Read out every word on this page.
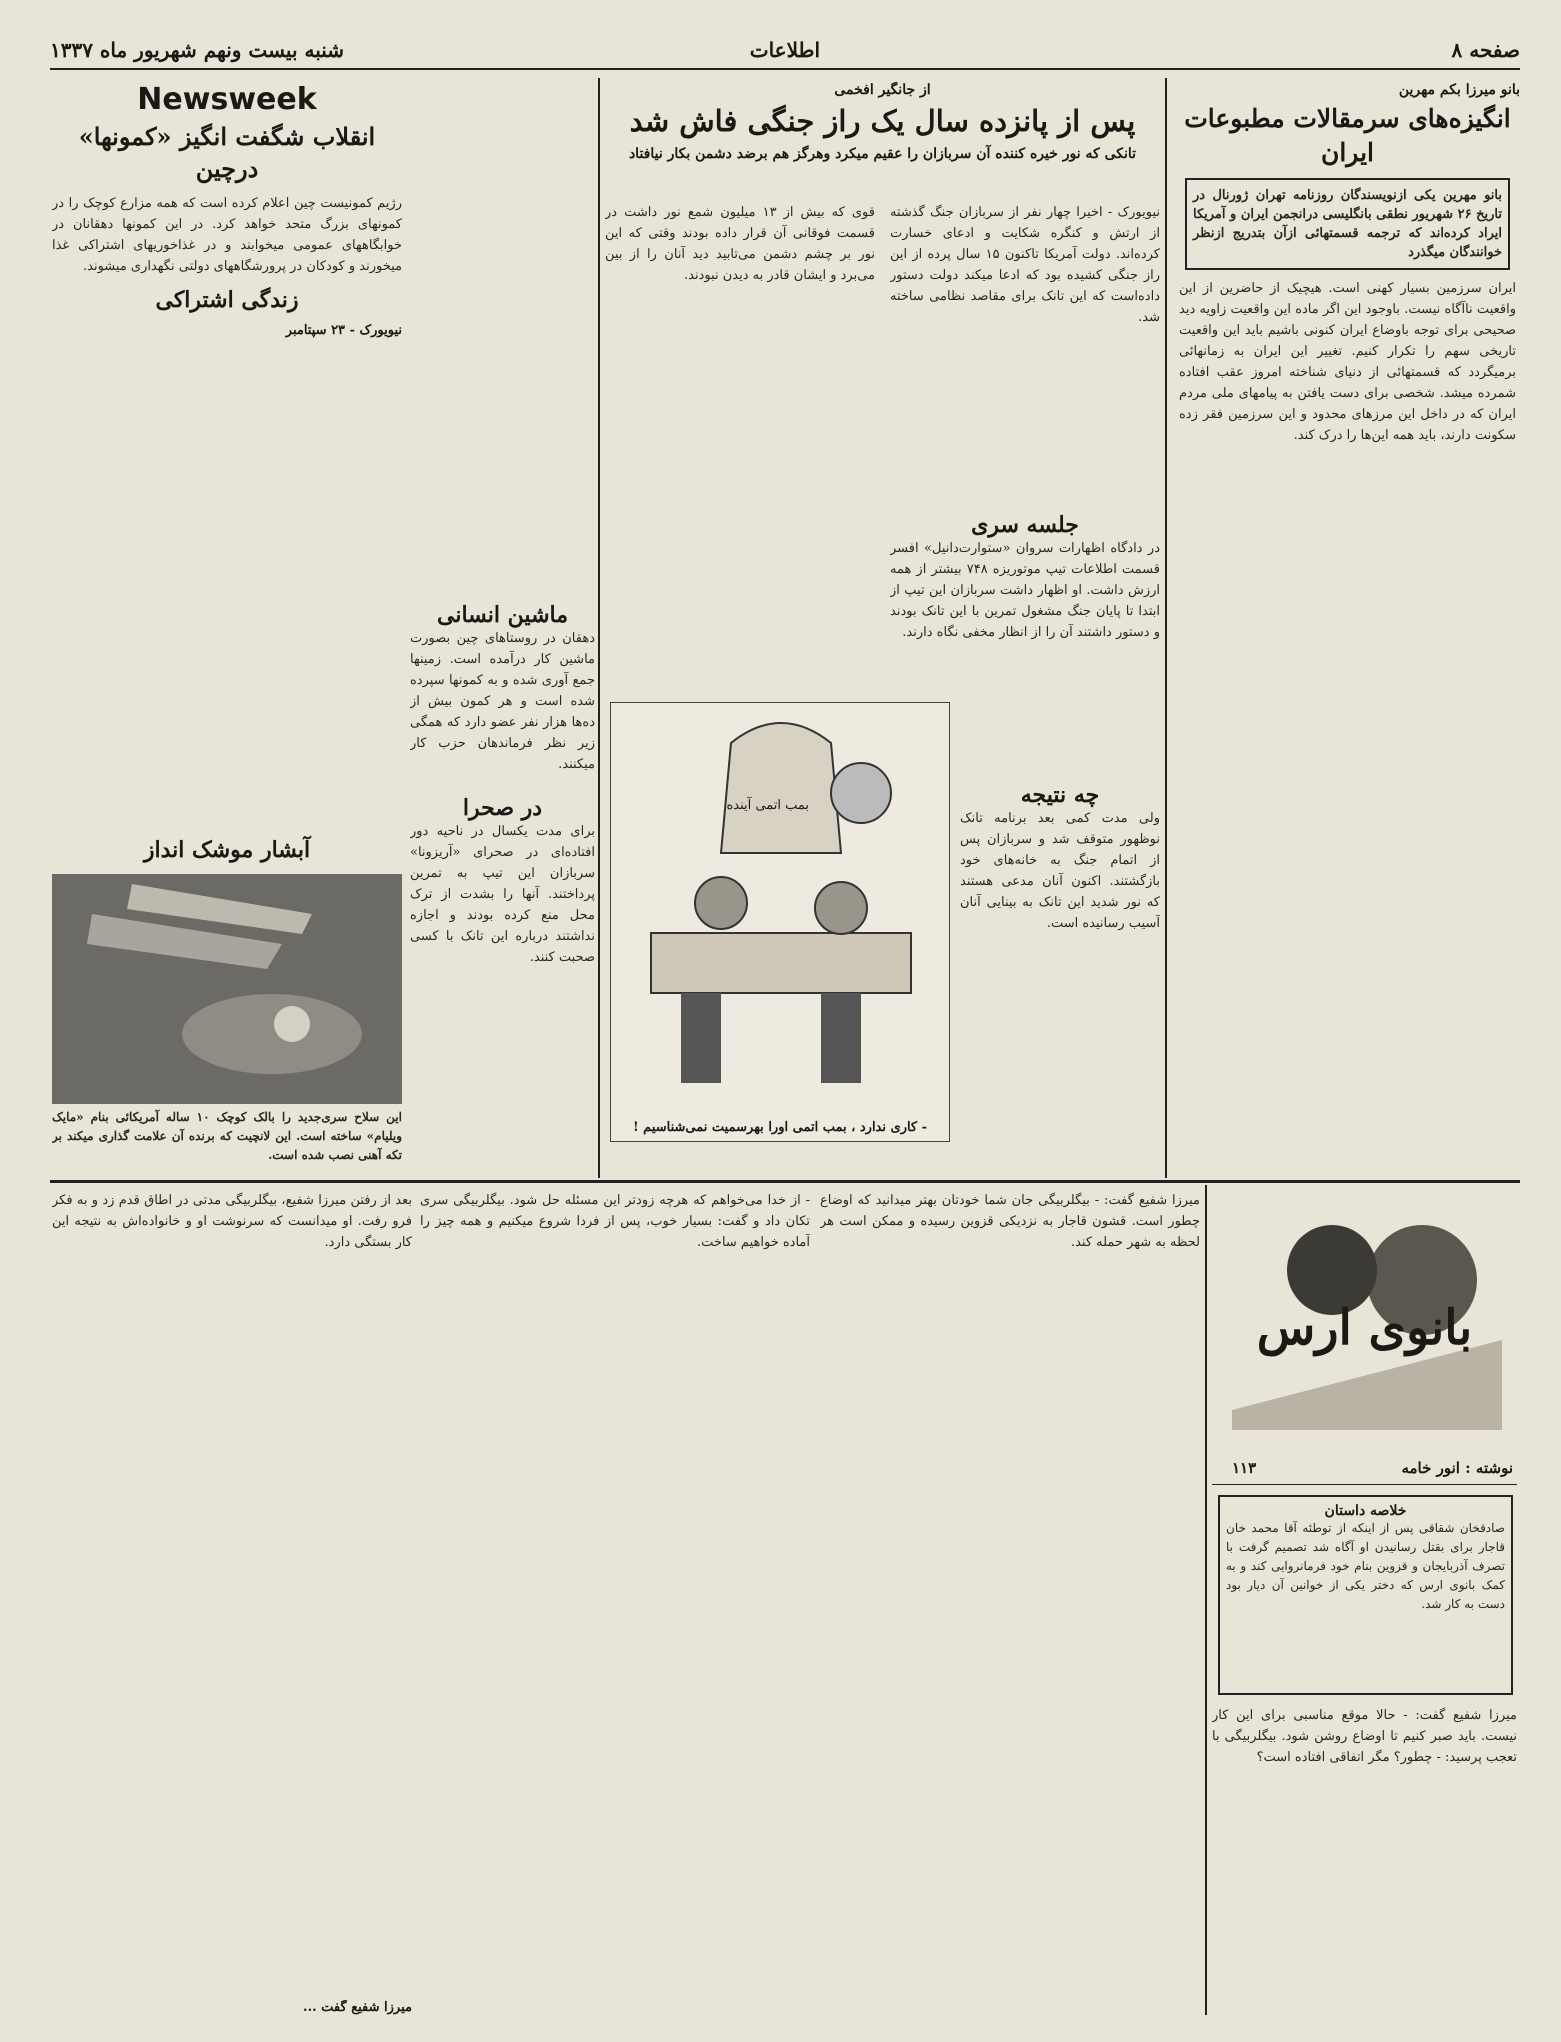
صفحه ۸
اطلاعات
شنبه بیست ونهم شهریور ماه ۱۳۳۷
بانو میرزا بکم مهرین
انگیزه‌های سرمقالات مطبوعات ایران
بانو مهرین یکی ازنویسندگان روزنامه تهران ژورنال در تاریخ ۲۶ شهریور نطقی بانگلیسی درانجمن ایران و آمریکا ایراد کرده‌اند که ترجمه قسمتهائی ازآن بتدریج ازنظر خوانندگان میگذرد
ایران سرزمین بسیار کهنی است. هیچیک از حاضرین از این واقعیت ناآگاه نیست. باوجود این اگر ماده این واقعیت زاویه دید صحیحی برای توجه باوضاع ایران کنونی باشیم باید این واقعیت تاریخی سهم را تکرار کنیم. تغییر این ایران به زمانهائی برمیگردد که قسمتهائی از دنیای شناخته امروز عقب افتاده شمرده میشد. شخصی برای دست یافتن به پیامهای ملی مردم ایران که در داخل این مرزهای محدود و این سرزمین فقر زده سکونت دارند، باید همه این‌ها را درک کند.
از جانگیر افخمی
پس از پانزده سال یک راز جنگی فاش شد
تانکی که نور خیره کننده آن سربازان را عقیم میکرد وهرگز هم برضد دشمن بکار نیافتاد
نیویورک - اخیرا چهار نفر از سربازان جنگ گذشته از ارتش و کنگره شکایت و ادعای خسارت کرده‌اند. دولت آمریکا تاکنون ۱۵ سال پرده از این راز جنگی کشیده بود که ادعا میکند دولت دستور داده‌است که این تانک برای مقاصد نظامی ساخته شد.
قوی که بیش از ۱۳ میلیون شمع نور داشت در قسمت فوقانی آن قرار داده بودند وقتی که این نور بر چشم دشمن می‌تابید دید آنان را از بین می‌برد و ایشان قادر به دیدن نبودند.
جلسه سری
در دادگاه اظهارات سروان «ستوارت‌دانیل» افسر قسمت اطلاعات تیپ موتوریزه ۷۴۸ بیشتر از همه ارزش داشت. او اظهار داشت سربازان این تیپ از ابتدا تا پایان جنگ مشغول تمرین با این تانک بودند و دستور داشتند آن را از انظار مخفی نگاه دارند.
بمب اتمی آینده
- کاری ندارد ، بمب اتمی اورا بهرسمیت نمی‌شناسیم !
چه نتیجه
ولی مدت کمی بعد برنامه تانک نوظهور متوقف شد و سربازان پس از اتمام جنگ به خانه‌های خود بازگشتند. اکنون آنان مدعی هستند که نور شدید این تانک به بینایی آنان آسیب رسانیده است.
ماشین انسانی
دهقان در روستاهای چین بصورت ماشین کار درآمده است. زمینها جمع آوری شده و به کمونها سپرده شده است و هر کمون بیش از ده‌ها هزار نفر عضو دارد که همگی زیر نظر فرماندهان حزب کار میکنند.
در صحرا
برای مدت یکسال در ناحیه دور افتاده‌ای در صحرای «آریزونا» سربازان این تیپ به تمرین پرداختند. آنها را بشدت از ترک محل منع کرده بودند و اجازه نداشتند درباره این تانک با کسی صحبت کنند.
Newsweek
انقلاب شگفت انگیز «کمونها» درچین
رژیم کمونیست چین اعلام کرده است که همه مزارع کوچک را در کمونهای بزرگ متحد خواهد کرد. در این کمونها دهقانان در خوابگاههای عمومی میخوابند و در غذاخوریهای اشتراکی غذا میخورند و کودکان در پرورشگاههای دولتی نگهداری میشوند.
زندگی اشتراکی
نیویورک - ۲۳ سپتامبر
آبشار موشک انداز
این سلاح سری‌جدید را بالک کوچک ۱۰ ساله آمریکائی بنام «مایک ویلیام» ساخته است. این لانچیت که برنده آن علامت گذاری میکند بر تکه آهنی نصب شده است.
بانوی ارس
نوشته : انور خامه
۱۱۳
خلاصه داستان
صادقخان شقاقی پس از اینکه از توطئه آقا محمد خان قاجار برای بقتل رسانیدن او آگاه شد تصمیم گرفت با تصرف آذربایجان و قزوین بنام خود فرمانروایی کند و به کمک بانوی ارس که دختر یکی از خوانین آن دیار بود دست به کار شد.
میرزا شفیع گفت: - حالا موقع مناسبی برای این کار نیست. باید صبر کنیم تا اوضاع روشن شود. بیگلربیگی با تعجب پرسید: - چطور؟ مگر اتفاقی افتاده است؟
میرزا شفیع گفت: - بیگلربیگی جان شما خودتان بهتر میدانید که اوضاع چطور است. قشون قاجار به نزدیکی قزوین رسیده و ممکن است هر لحظه به شهر حمله کند.
- از خدا می‌خواهم که هرچه زودتر این مسئله حل شود. بیگلربیگی سری تکان داد و گفت: بسیار خوب، پس از فردا شروع میکنیم و همه چیز را آماده خواهیم ساخت.
بعد از رفتن میرزا شفیع، بیگلربیگی مدتی در اطاق قدم زد و به فکر فرو رفت. او میدانست که سرنوشت او و خانواده‌اش به نتیجه این کار بستگی دارد.
میرزا شفیع گفت ...
